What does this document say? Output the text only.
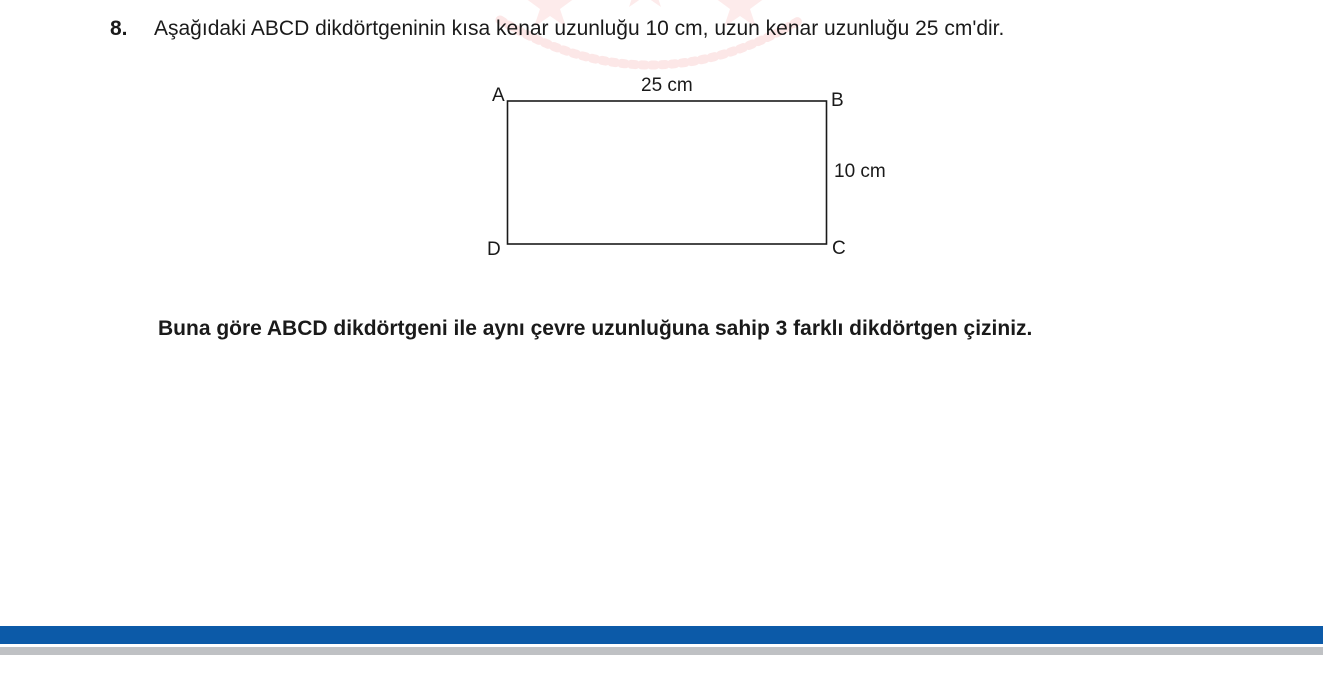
8. Aşağıdaki ABCD dikdörtgeninin kısa kenar uzunluğu 10 cm, uzun kenar uzunluğu 25 cm'dir.
A	B
C
D
25 cm
10 cm
Buna göre ABCD dikdörtgeni ile aynı çevre uzunluğuna sahip 3 farklı dikdörtgen çiziniz.
